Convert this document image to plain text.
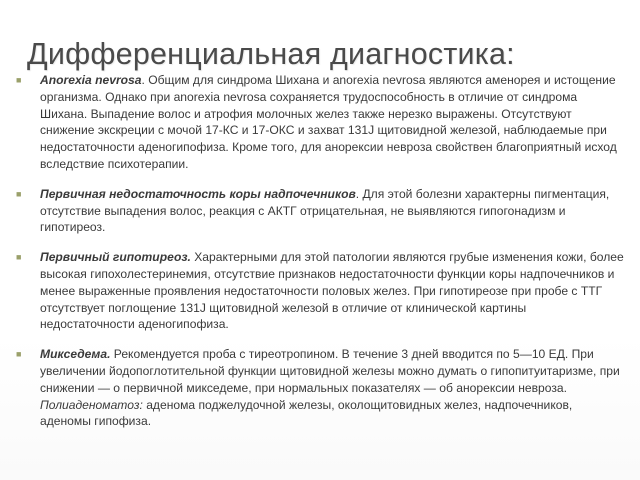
Дифференциальная диагностика:
■ Anorexia nevrosa. Общим для синдрома Шихана и anorexia nevrosa являются аменорея и истощение организма. Однако при anorexia nevrosa сохраняется трудоспособность в отличие от синдрома Шихана. Выпадение волос и атрофия молочных желез также нерезко выражены. Отсутствуют снижение экскреции с мочой 17-КС и 17-ОКС и захват 131J щитовидной железой, наблюдаемые при недостаточности аденогипофиза. Кроме того, для анорексии невроза свойствен благоприятный исход вследствие психотерапии.
■ Первичная недостаточность коры надпочечников. Для этой болезни характерны пигментация, отсутствие выпадения волос, реакция с АКТГ отрицательная, не выявляются гипогонадизм и гипотиреоз.
■ Первичный гипотиреоз. Характерными для этой патологии являются грубые изменения кожи, более высокая гипохолестеринемия, отсутствие признаков недостаточности функции коры надпочечников и менее выраженные проявления недостаточности половых желез. При гипотиреозе при пробе с ТТГ отсутствует поглощение 131J щитовидной железой в отличие от клинической картины недостаточности аденогипофиза.
■ Микседема. Рекомендуется проба с тиреотропином. В течение 3 дней вводится по 5—10 ЕД. При увеличении йодопоглотительной функции щитовидной железы можно думать о гипопитуитаризме, при снижении — о первичной микседеме, при нормальных показателях — об анорексии невроза. Полиаденоматоз: аденома поджелудочной железы, околощитовидных желез, надпочечников, аденомы гипофиза.
